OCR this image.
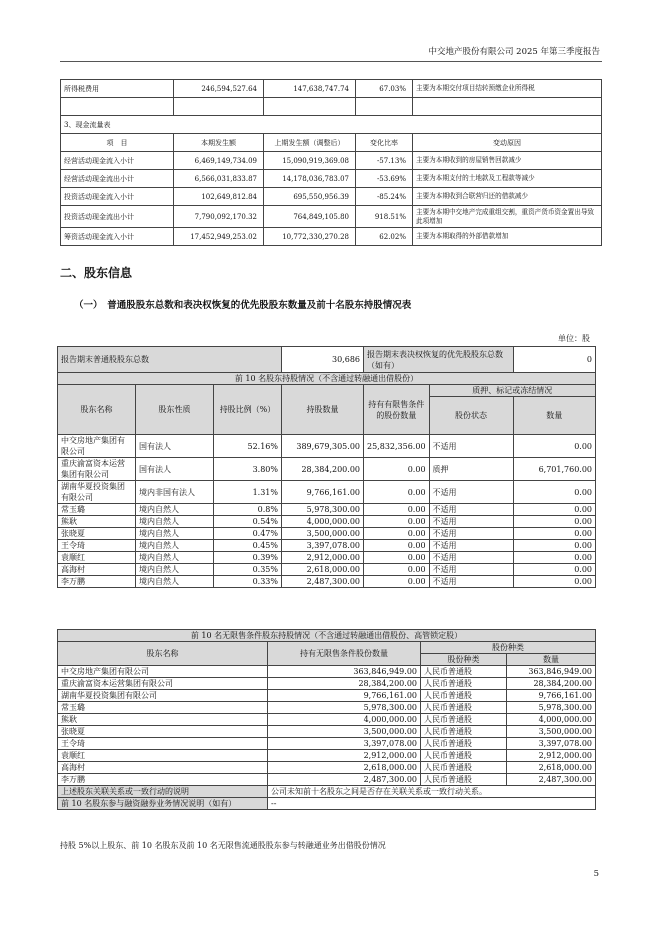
中交地产股份有限公司 2025 年第三季度报告
所得税费用	246,594,527.64	147,638,747.74	67.03%	主要为本期交付项目结转预缴企业所得税

3、现金流量表				
项　目	本期发生额	上期发生额（调整后）	变化比率	变动原因
经营活动现金流入小计	6,469,149,734.09	15,090,919,369.08	-57.13%	主要为本期收到的房屋销售回款减少
经营活动现金流出小计	6,566,031,833.87	14,178,036,783.07	-53.69%	主要为本期支付的土地款及工程款等减少
投资活动现金流入小计	102,649,812.84	695,550,956.39	-85.24%	主要为本期收到合联营归还的借款减少
投资活动现金流出小计	7,790,092,170.32	764,849,105.80	918.51%	主要为本期中交地产完成重组交割，重资产货币资金置出导致此项增加
筹资活动现金流入小计	17,452,949,253.02	10,772,330,270.28	62.02%	主要为本期取得的外部借款增加
二、股东信息
（一）　普通股股东总数和表决权恢复的优先股股东数量及前十名股东持股情况表
单位：股
报告期末普通股股东总数			30,686	报告期末表决权恢复的优先股股东总数（如有）		0
前 10 名股东持股情况（不含通过转融通出借股份）						
股东名称	股东性质	持股比例（%）	持股数量	持有有限售条件的股份数量	质押、标记或冻结情况	
					股份状态	数量
中交房地产集团有限公司	国有法人	52.16%	389,679,305.00	25,832,356.00	不适用	0.00
重庆渝富资本运营集团有限公司	国有法人	3.80%	28,384,200.00	0.00	质押	6,701,760.00
湖南华夏投资集团有限公司	境内非国有法人	1.31%	9,766,161.00	0.00	不适用	0.00
常玉璐	境内自然人	0.8%	5,978,300.00	0.00	不适用	0.00
熊耿	境内自然人	0.54%	4,000,000.00	0.00	不适用	0.00
张晓夏	境内自然人	0.47%	3,500,000.00	0.00	不适用	0.00
王令琦	境内自然人	0.45%	3,397,078.00	0.00	不适用	0.00
袁顺红	境内自然人	0.39%	2,912,000.00	0.00	不适用	0.00
高海村	境内自然人	0.35%	2,618,000.00	0.00	不适用	0.00
李万鹏	境内自然人	0.33%	2,487,300.00	0.00	不适用	0.00
前 10 名无限售条件股东持股情况（不含通过转融通出借股份、高管锁定股）			
股东名称	持有无限售条件股份数量	股份种类	
		股份种类	数量
中交房地产集团有限公司	363,846,949.00	人民币普通股	363,846,949.00
重庆渝富资本运营集团有限公司	28,384,200.00	人民币普通股	28,384,200.00
湖南华夏投资集团有限公司	9,766,161.00	人民币普通股	9,766,161.00
常玉璐	5,978,300.00	人民币普通股	5,978,300.00
熊耿	4,000,000.00	人民币普通股	4,000,000.00
张晓夏	3,500,000.00	人民币普通股	3,500,000.00
王令琦	3,397,078.00	人民币普通股	3,397,078.00
袁顺红	2,912,000.00	人民币普通股	2,912,000.00
高海村	2,618,000.00	人民币普通股	2,618,000.00
李万鹏	2,487,300.00	人民币普通股	2,487,300.00
上述股东关联关系或一致行动的说明	公司未知前十名股东之间是否存在关联关系或一致行动关系。		
前 10 名股东参与融资融券业务情况说明（如有）	--		
持股 5%以上股东、前 10 名股东及前 10 名无限售流通股股东参与转融通业务出借股份情况
5
